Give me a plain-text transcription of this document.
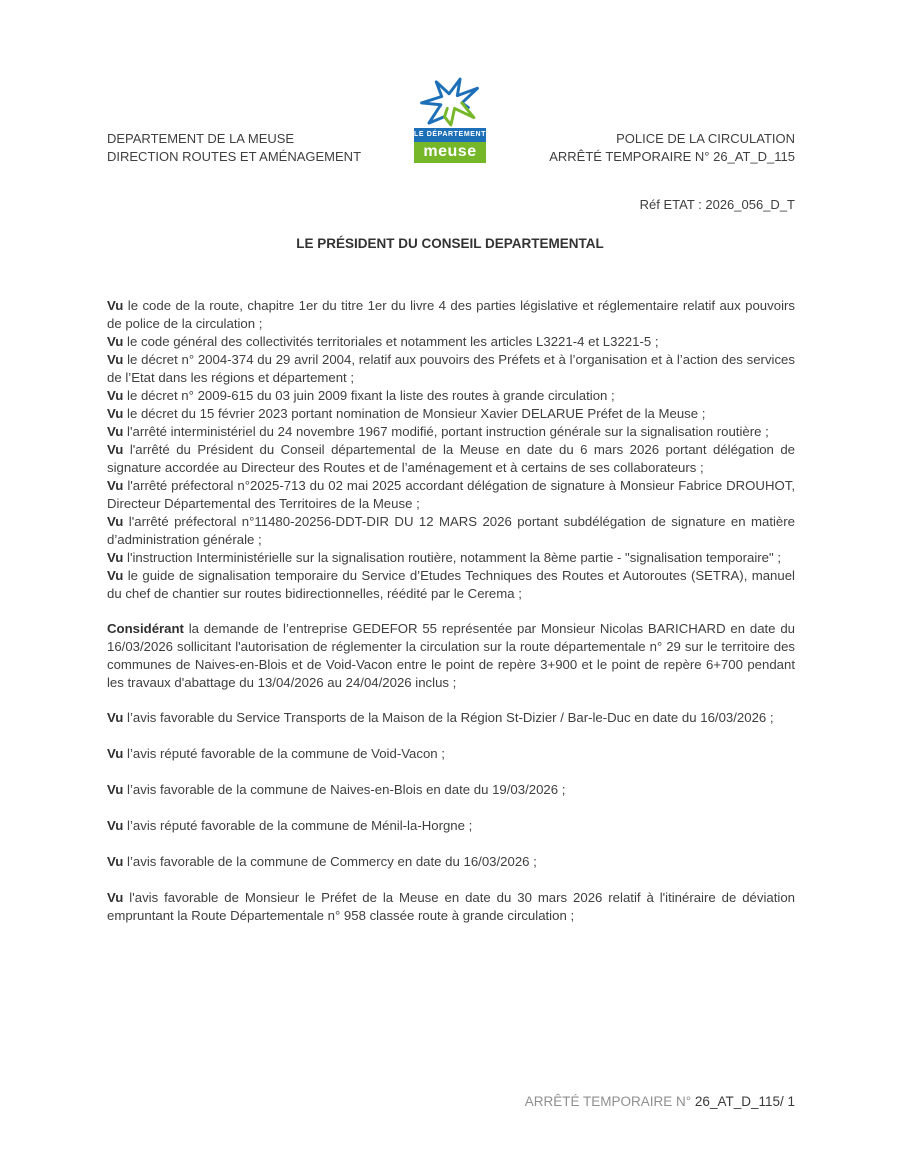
LE DÉPARTEMENT
meuse
DEPARTEMENT DE LA MEUSE
DIRECTION ROUTES ET AMÉNAGEMENT
POLICE DE LA CIRCULATION
ARRÊTÉ TEMPORAIRE N° 26_AT_D_115
Réf ETAT : 2026_056_D_T
LE PRÉSIDENT DU CONSEIL DEPARTEMENTAL

Vu le code de la route, chapitre 1er du titre 1er du livre 4 des parties législative et réglementaire relatif aux pouvoirs de police de la circulation ;

Vu le code général des collectivités territoriales et notamment les articles L3221-4 et L3221-5 ;

Vu le décret n° 2004-374 du 29 avril 2004, relatif aux pouvoirs des Préfets et à l’organisation et à l’action des services de l’Etat dans les régions et département ;

Vu le décret n° 2009-615 du 03 juin 2009 fixant la liste des routes à grande circulation ;

Vu le décret du 15 février 2023 portant nomination de Monsieur Xavier DELARUE Préfet de la Meuse ;

Vu l'arrêté interministériel du 24 novembre 1967 modifié, portant instruction générale sur la signalisation routière ;

Vu l'arrêté du Président du Conseil départemental de la Meuse en date du 6 mars 2026 portant délégation de signature accordée au Directeur des Routes et de l’aménagement et à certains de ses collaborateurs ;

Vu l'arrêté préfectoral n°2025-713 du 02 mai 2025 accordant délégation de signature à Monsieur Fabrice DROUHOT, Directeur Départemental des Territoires de la Meuse ;

Vu l'arrêté préfectoral n°11480-20256-DDT-DIR DU 12 MARS 2026 portant subdélégation de signature en matière d’administration générale ;

Vu l'instruction Interministérielle sur la signalisation routière, notamment la 8ème partie - "signalisation temporaire" ;

Vu le guide de signalisation temporaire du Service d’Etudes Techniques des Routes et Autoroutes (SETRA), manuel du chef de chantier sur routes bidirectionnelles, réédité par le Cerema ;

Considérant la demande de l’entreprise GEDEFOR 55 représentée par Monsieur Nicolas BARICHARD en date du 16/03/2026 sollicitant l'autorisation de réglementer la circulation sur la route départementale n° 29 sur le territoire des communes de Naives-en-Blois et de Void-Vacon entre le point de repère 3+900 et le point de repère 6+700 pendant les travaux d'abattage du 13/04/2026 au 24/04/2026 inclus ;

Vu l’avis favorable du Service Transports de la Maison de la Région St-Dizier / Bar-le-Duc en date du 16/03/2026 ;

Vu l’avis réputé favorable de la commune de Void-Vacon ;

Vu l’avis favorable de la commune de Naives-en-Blois en date du 19/03/2026 ;

Vu l’avis réputé favorable de la commune de Ménil-la-Horgne ;

Vu l’avis favorable de la commune de Commercy en date du 16/03/2026 ;

Vu l'avis favorable de Monsieur le Préfet de la Meuse en date du 30 mars 2026 relatif à l'itinéraire de déviation empruntant la Route Départementale n° 958 classée route à grande circulation ;

ARRÊTÉ TEMPORAIRE N° 26_AT_D_115/ 1
